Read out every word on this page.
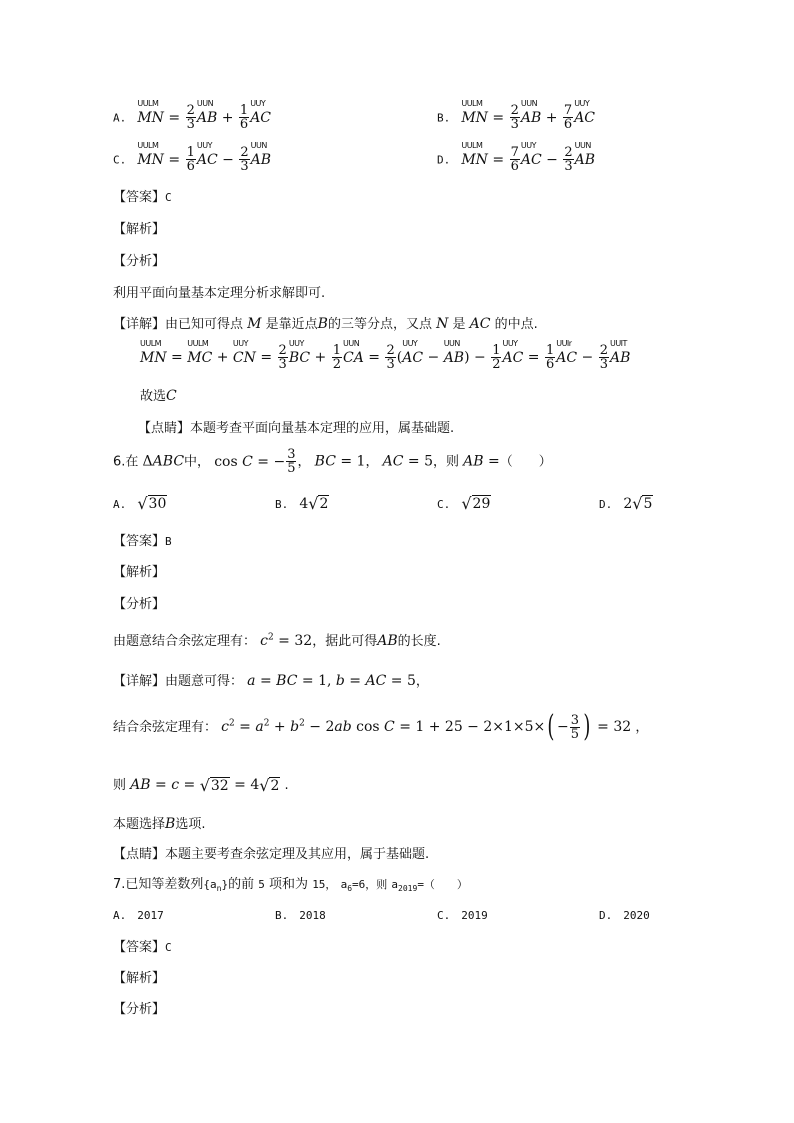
A. UULM MN = $\frac{2}{3}$ UUN AB + $\frac{1}{6}$ UUY AC	B. UULM MN = $\frac{2}{3}$ UUN AB + $\frac{7}{6}$ UUY AC
C. UULM MN = $\frac{1}{6}$ UUY AC − $\frac{2}{3}$ UUN AB	D. UULM MN = $\frac{7}{6}$ UUY AC − $\frac{2}{3}$ UUN AB
【答案】C
【解析】
【分析】
利用平面向量基本定理分析求解即可.
【详解】由已知可得点 M 是靠近点B的三等分点，又点 N 是 AC 的中点.
UULM MN = UULM MC + UUY CN = $\frac{2}{3}$ UUY BC + $\frac{1}{2}$ UUN CA = $\frac{2}{3} (UUY$ AC − UUN $AB) - \frac{1}{2}$ UUY AC = $\frac{1}{6}$ UUIr AC − $\frac{2}{3}$ UUIT AB
故选C
【点睛】本题考查平面向量基本定理的应用，属基础题.
6.在 ΔABC中， cos C = − $\frac{3}{5}$ ， BC = 1， AC = 5，则 AB =（　　）
A. √ 30	B. 4 √ 2	C. √ 29	D. 2 √ 5
【答案】B
【解析】
【分析】
由题意结合余弦定理有： $c^2 = 32$，据此可得AB的长度.
【详解】由题意可得： a = BC = 1, b = AC = 5，
结合余弦定理有： $c^2 = a^2 + b^2 - 2ab$ $\cos C = 1 + 25 - 2\times 1\times 5\times( - \frac{3}{5}$ ) = 32 ，
则 AB = c = √ 32 = 4 √ 2 .
本题选择B选项.
【点睛】本题主要考查余弦定理及其应用，属于基础题.
7.已知等差数列$\{a_n\}$的前 5 项和为 15， $a_6=6$，则 $a_{2019}=$（　　）
A.　2017	B.　2018	C.　2019	D.　2020
【答案】C
【解析】
【分析】
